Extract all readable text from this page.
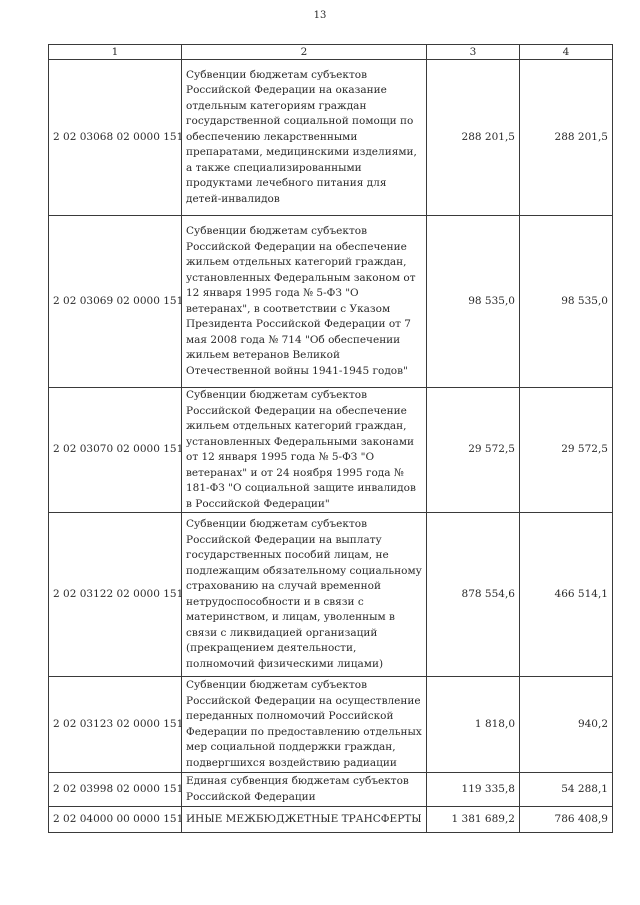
13
1	2	3	4
2 02 03068 02 0000 151	Субвенции бюджетам субъектов Российской Федерации на оказание отдельным категориям граждан государственной социальной помощи по обеспечению лекарственными препаратами, медицинскими изделиями, а также специализированными продуктами лечебного питания для детей-инвалидов	288 201,5	288 201,5
2 02 03069 02 0000 151	Субвенции бюджетам субъектов Российской Федерации на обеспечение жильем отдельных категорий граждан, установленных Федеральным законом от 12 января 1995 года № 5-ФЗ "О ветеранах", в соответствии с Указом Президента Российской Федерации от 7 мая 2008 года № 714 "Об обеспечении жильем ветеранов Великой Отечественной войны 1941-1945 годов"	98 535,0	98 535,0
2 02 03070 02 0000 151	Субвенции бюджетам субъектов Российской Федерации на обеспечение жильем отдельных категорий граждан, установленных Федеральными законами от 12 января 1995 года № 5-ФЗ "О ветеранах" и от 24 ноября 1995 года № 181-ФЗ "О социальной защите инвалидов в Российской Федерации"	29 572,5	29 572,5
2 02 03122 02 0000 151	Субвенции бюджетам субъектов Российской Федерации на выплату государственных пособий лицам, не подлежащим обязательному социальному страхованию на случай временной нетрудоспособности и в связи с материнством, и лицам, уволенным в связи с ликвидацией организаций (прекращением деятельности, полномочий физическими лицами)	878 554,6	466 514,1
2 02 03123 02 0000 151	Субвенции бюджетам субъектов Российской Федерации на осуществление переданных полномочий Российской Федерации по предоставлению отдельных мер социальной поддержки граждан, подвергшихся воздействию радиации	1 818,0	940,2
2 02 03998 02 0000 151	Единая субвенция бюджетам субъектов Российской Федерации	119 335,8	54 288,1
2 02 04000 00 0000 151	ИНЫЕ МЕЖБЮДЖЕТНЫЕ ТРАНСФЕРТЫ	1 381 689,2	786 408,9
